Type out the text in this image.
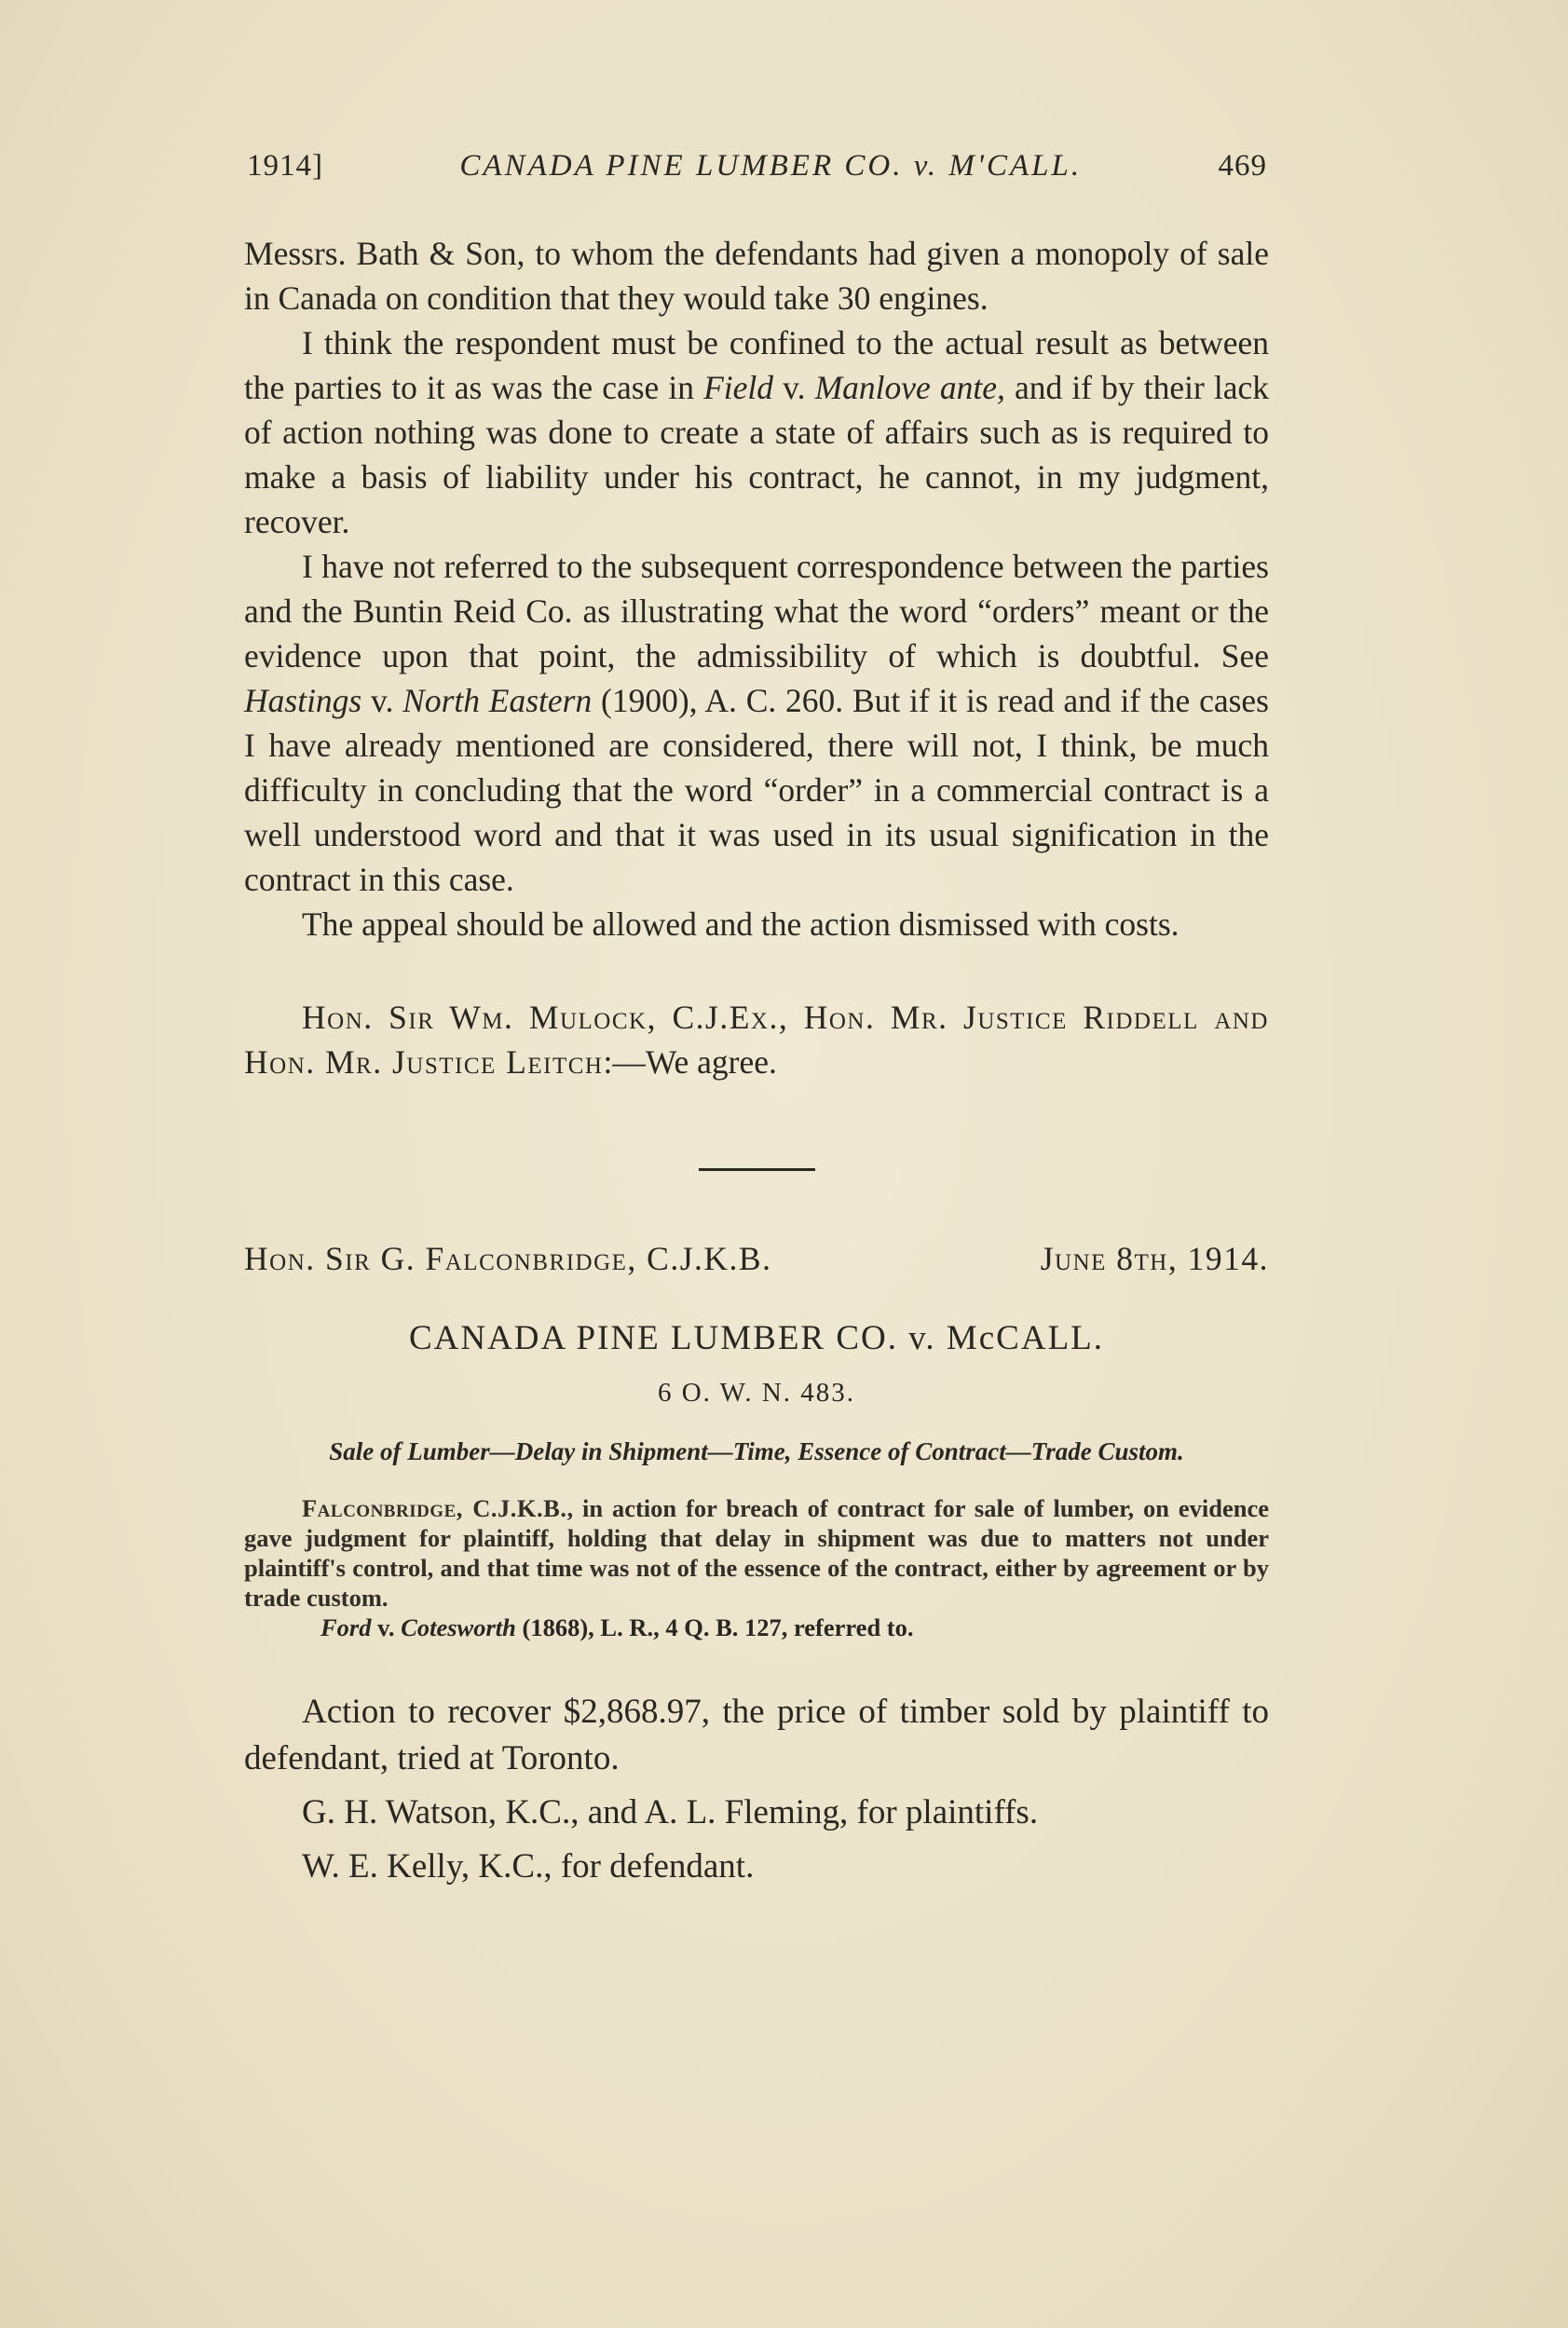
1914]	CANADA PINE LUMBER CO. v. M'CALL.	469

Messrs. Bath & Son, to whom the defendants had given a monopoly of sale in Canada on condition that they would take 30 engines.

I think the respondent must be confined to the actual result as between the parties to it as was the case in Field v. Manlove ante, and if by their lack of action nothing was done to create a state of affairs such as is required to make a basis of liability under his contract, he cannot, in my judgment, recover.

I have not referred to the subsequent correspondence between the parties and the Buntin Reid Co. as illustrating what the word “orders” meant or the evidence upon that point, the admissibility of which is doubtful. See Hastings v. North Eastern (1900), A. C. 260. But if it is read and if the cases I have already mentioned are considered, there will not, I think, be much difficulty in concluding that the word “order” in a commercial contract is a well understood word and that it was used in its usual signification in the contract in this case.

The appeal should be allowed and the action dismissed with costs.

Hon. Sir Wm. Mulock, C.J.Ex., Hon. Mr. Justice Riddell and Hon. Mr. Justice Leitch:—We agree.

Hon. Sir G. Falconbridge, C.J.K.B.	June 8th, 1914.

CANADA PINE LUMBER CO. v. McCALL.

6 O. W. N. 483.

Sale of Lumber—Delay in Shipment—Time, Essence of Contract—Trade Custom.

Falconbridge, C.J.K.B., in action for breach of contract for sale of lumber, on evidence gave judgment for plaintiff, holding that delay in shipment was due to matters not under plaintiff's control, and that time was not of the essence of the contract, either by agreement or by trade custom.

Ford v. Cotesworth (1868), L. R., 4 Q. B. 127, referred to.

Action to recover $2,868.97, the price of timber sold by plaintiff to defendant, tried at Toronto.

G. H. Watson, K.C., and A. L. Fleming, for plaintiffs.

W. E. Kelly, K.C., for defendant.
